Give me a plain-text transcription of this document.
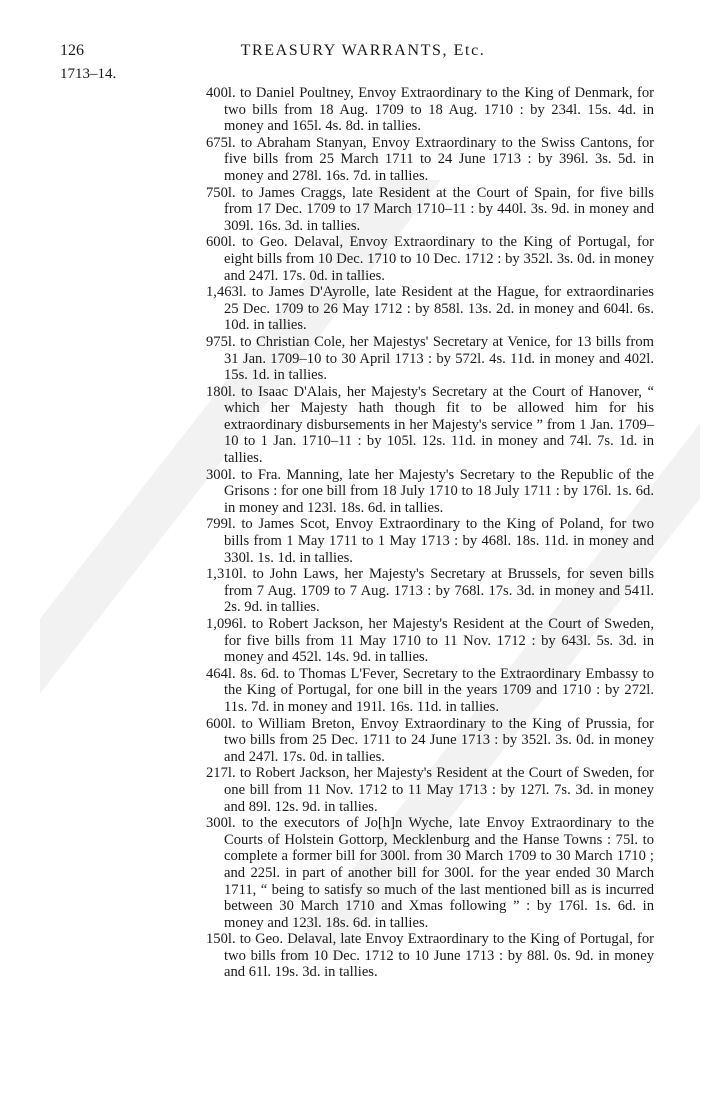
126	TREASURY WARRANTS, Etc.
1713–14.

400l. to Daniel Poultney, Envoy Extraordinary to the King of Denmark, for two bills from 18 Aug. 1709 to 18 Aug. 1710 : by 234l. 15s. 4d. in money and 165l. 4s. 8d. in tallies.

675l. to Abraham Stanyan, Envoy Extraordinary to the Swiss Cantons, for five bills from 25 March 1711 to 24 June 1713 : by 396l. 3s. 5d. in money and 278l. 16s. 7d. in tallies.

750l. to James Craggs, late Resident at the Court of Spain, for five bills from 17 Dec. 1709 to 17 March 1710–11 : by 440l. 3s. 9d. in money and 309l. 16s. 3d. in tallies.

600l. to Geo. Delaval, Envoy Extraordinary to the King of Portugal, for eight bills from 10 Dec. 1710 to 10 Dec. 1712 : by 352l. 3s. 0d. in money and 247l. 17s. 0d. in tallies.

1,463l. to James D'Ayrolle, late Resident at the Hague, for extraordinaries 25 Dec. 1709 to 26 May 1712 : by 858l. 13s. 2d. in money and 604l. 6s. 10d. in tallies.

975l. to Christian Cole, her Majestys' Secretary at Venice, for 13 bills from 31 Jan. 1709–10 to 30 April 1713 : by 572l. 4s. 11d. in money and 402l. 15s. 1d. in tallies.

180l. to Isaac D'Alais, her Majesty's Secretary at the Court of Hanover, “ which her Majesty hath though fit to be allowed him for his extraordinary disbursements in her Majesty's service ” from 1 Jan. 1709–10 to 1 Jan. 1710–11 : by 105l. 12s. 11d. in money and 74l. 7s. 1d. in tallies.

300l. to Fra. Manning, late her Majesty's Secretary to the Republic of the Grisons : for one bill from 18 July 1710 to 18 July 1711 : by 176l. 1s. 6d. in money and 123l. 18s. 6d. in tallies.

799l. to James Scot, Envoy Extraordinary to the King of Poland, for two bills from 1 May 1711 to 1 May 1713 : by 468l. 18s. 11d. in money and 330l. 1s. 1d. in tallies.

1,310l. to John Laws, her Majesty's Secretary at Brussels, for seven bills from 7 Aug. 1709 to 7 Aug. 1713 : by 768l. 17s. 3d. in money and 541l. 2s. 9d. in tallies.

1,096l. to Robert Jackson, her Majesty's Resident at the Court of Sweden, for five bills from 11 May 1710 to 11 Nov. 1712 : by 643l. 5s. 3d. in money and 452l. 14s. 9d. in tallies.

464l. 8s. 6d. to Thomas L'Fever, Secretary to the Extraordinary Embassy to the King of Portugal, for one bill in the years 1709 and 1710 : by 272l. 11s. 7d. in money and 191l. 16s. 11d. in tallies.

600l. to William Breton, Envoy Extraordinary to the King of Prussia, for two bills from 25 Dec. 1711 to 24 June 1713 : by 352l. 3s. 0d. in money and 247l. 17s. 0d. in tallies.

217l. to Robert Jackson, her Majesty's Resident at the Court of Sweden, for one bill from 11 Nov. 1712 to 11 May 1713 : by 127l. 7s. 3d. in money and 89l. 12s. 9d. in tallies.

300l. to the executors of Jo[h]n Wyche, late Envoy Extraordinary to the Courts of Holstein Gottorp, Mecklenburg and the Hanse Towns : 75l. to complete a former bill for 300l. from 30 March 1709 to 30 March 1710 ; and 225l. in part of another bill for 300l. for the year ended 30 March 1711, “ being to satisfy so much of the last mentioned bill as is incurred between 30 March 1710 and Xmas following ” : by 176l. 1s. 6d. in money and 123l. 18s. 6d. in tallies.

150l. to Geo. Delaval, late Envoy Extraordinary to the King of Portugal, for two bills from 10 Dec. 1712 to 10 June 1713 : by 88l. 0s. 9d. in money and 61l. 19s. 3d. in tallies.
